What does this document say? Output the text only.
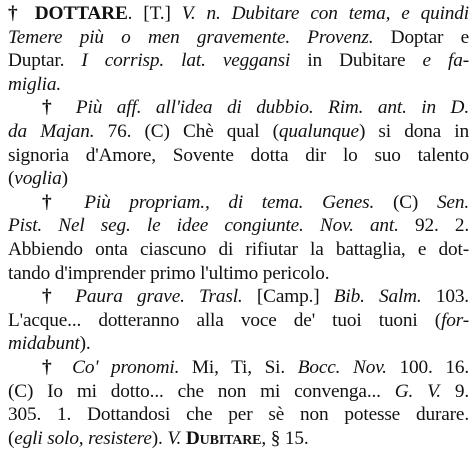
† DOTTARE. [T.] V. n. Dubitare con tema, e quindi
Temere più o men gravemente. Provenz. Doptar e
Duptar. I corrisp. lat. veggansi in Dubitare e fa-
miglia.
† Più aff. all'idea di dubbio. Rim. ant. in D.
da Majan. 76. (C) Chè qual (qualunque) si dona in
signoria d'Amore, Sovente dotta dir lo suo talento
(voglia)
† Più propriam., di tema. Genes. (C) Sen.
Pist. Nel seg. le idee congiunte. Nov. ant. 92. 2.
Abbiendo onta ciascuno di rifiutar la battaglia, e dot-
tando d'imprender primo l'ultimo pericolo.
† Paura grave. Trasl. [Camp.] Bib. Salm. 103.
L'acque... dotteranno alla voce de' tuoi tuoni (for-
midabunt).
† Co' pronomi. Mi, Ti, Si. Bocc. Nov. 100. 16.
(C) Io mi dotto... che non mi convenga... G. V. 9.
305. 1. Dottandosi che per sè non potesse durare.
(egli solo, resistere). V. Dubitare, § 15.
